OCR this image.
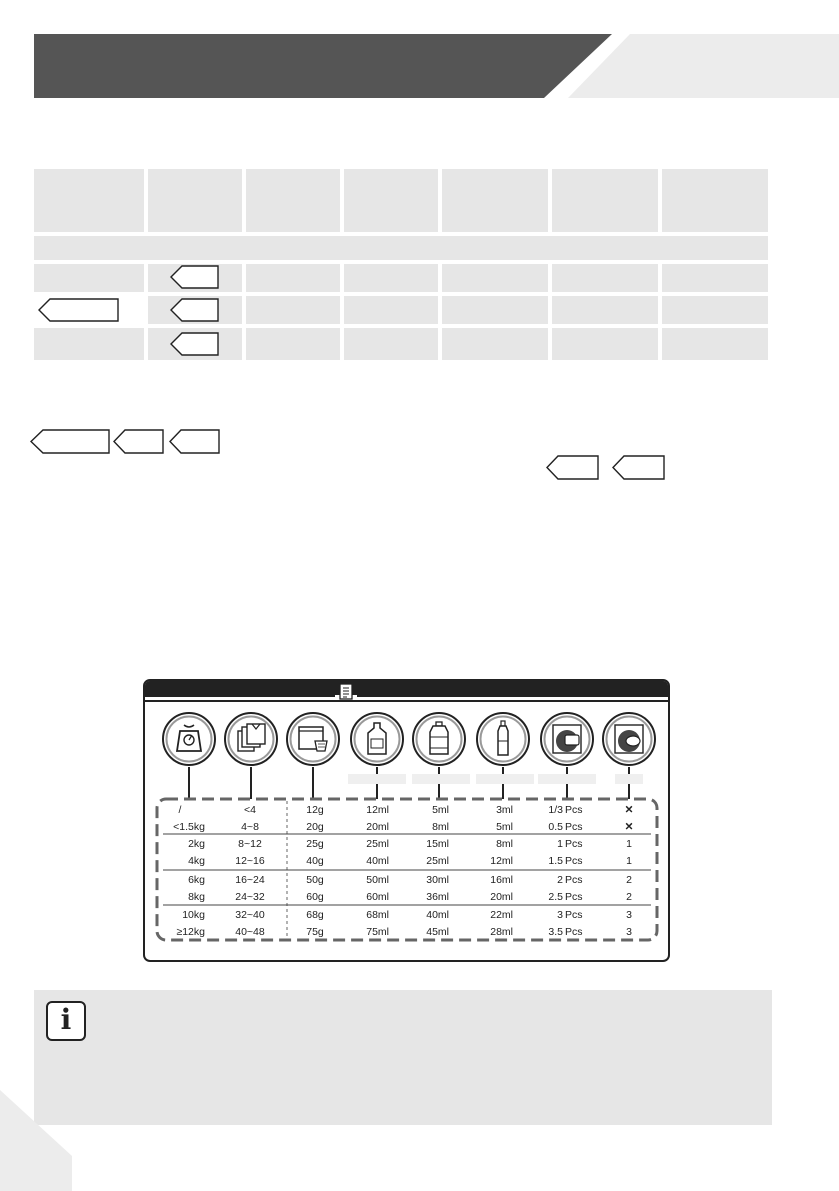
/	<4	12g	12ml	5ml	3ml	1/3 Pcs	✕
<1.5kg	4~8	20g	20ml	8ml	5ml	0.5 Pcs	✕
2kg	8~12	25g	25ml	15ml	8ml	1 Pcs	1
4kg	12~16	40g	40ml	25ml	12ml	1.5 Pcs	1
6kg	16~24	50g	50ml	30ml	16ml	2 Pcs	2
8kg	24~32	60g	60ml	36ml	20ml	2.5 Pcs	2
10kg	32~40	68g	68ml	40ml	22ml	3 Pcs	3
≥12kg	40~48	75g	75ml	45ml	28ml	3.5 Pcs	3
i
